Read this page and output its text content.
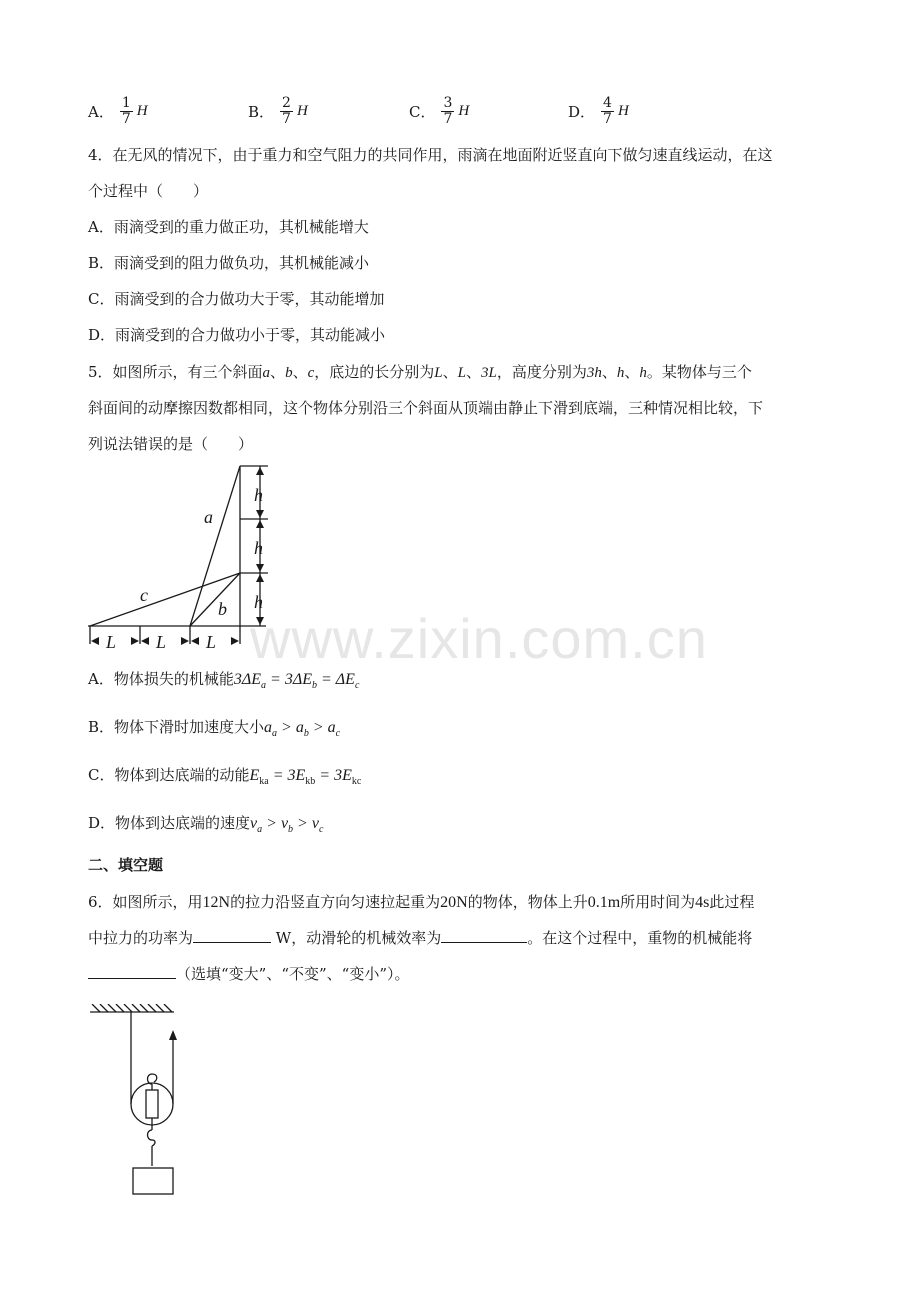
A． $\frac{1}{7}$ H	B． $\frac{2}{7}$ H	C． $\frac{3}{7}$ H	D． $\frac{4}{7}$ H
4．在无风的情况下，由于重力和空气阻力的共同作用，雨滴在地面附近竖直向下做匀速直线运动，在这
个过程中（　　）
A．雨滴受到的重力做正功，其机械能增大
B．雨滴受到的阻力做负功，其机械能减小
C．雨滴受到的合力做功大于零，其动能增加
D．雨滴受到的合力做功小于零，其动能减小
5．如图所示，有三个斜面a、b、c，底边的长分别为L、L、3L，高度分别为3h、h、h。某物体与三个
斜面间的动摩擦因数都相同，这个物体分别沿三个斜面从顶端由静止下滑到底端，三种情况相比较，下
列说法错误的是（　　）
a
b
c
h
h
h
L L L www.zixin.com.cn
A．物体损失的机械能$3\Delta E_a = 3\Delta E_b = \Delta E_c$
B．物体下滑时加速度大小$a_a > a_b > a_c$
C．物体到达底端的动能$E_{ka} = 3E_{kb} = 3E_{kc}$
D．物体到达底端的速度$v_a > v_b > v_c$
二、填空题
6．如图所示，用12N的拉力沿竖直方向匀速拉起重为20N的物体，物体上升0.1m所用时间为4s此过程
中拉力的功率为	W，动滑轮的机械效率为	。在这个过程中，重物的机械能将
（选填“变大”、“不变”、“变小”）。
